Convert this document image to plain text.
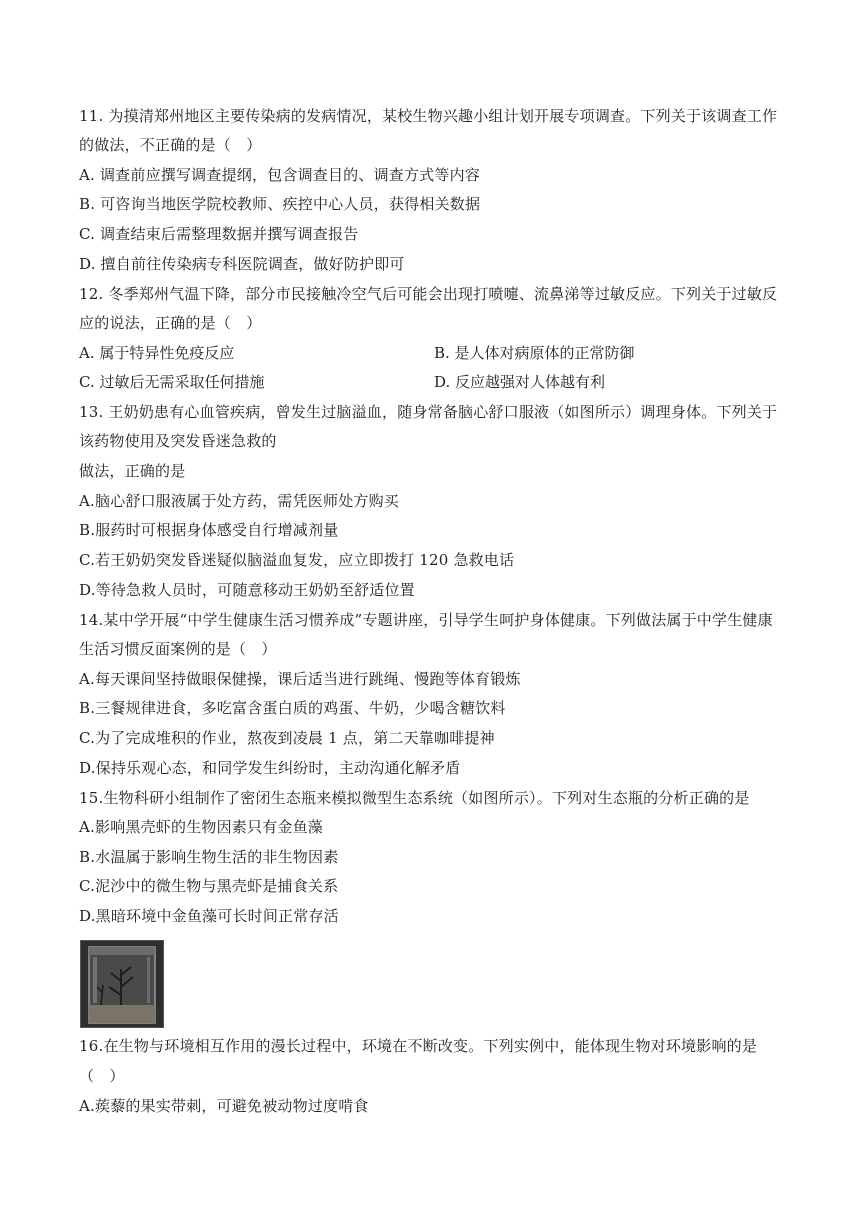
11. 为摸清郑州地区主要传染病的发病情况，某校生物兴趣小组计划开展专项调查。下列关于该调查工作
的做法，不正确的是（　）
A. 调查前应撰写调查提纲，包含调查目的、调查方式等内容
B. 可咨询当地医学院校教师、疾控中心人员，获得相关数据
C. 调查结束后需整理数据并撰写调查报告
D. 擅自前往传染病专科医院调查，做好防护即可
12. 冬季郑州气温下降，部分市民接触冷空气后可能会出现打喷嚏、流鼻涕等过敏反应。下列关于过敏反
应的说法，正确的是（　）
A. 属于特异性免疫反应	B. 是人体对病原体的正常防御
C. 过敏后无需采取任何措施	D. 反应越强对人体越有利
13. 王奶奶患有心血管疾病，曾发生过脑溢血，随身常备脑心舒口服液（如图所示）调理身体。下列关于
该药物使用及突发昏迷急救的
做法，正确的是
A.脑心舒口服液属于处方药，需凭医师处方购买
B.服药时可根据身体感受自行增减剂量
C.若王奶奶突发昏迷疑似脑溢血复发，应立即拨打 120 急救电话
D.等待急救人员时，可随意移动王奶奶至舒适位置
14.某中学开展“中学生健康生活习惯养成”专题讲座，引导学生呵护身体健康。下列做法属于中学生健康
生活习惯反面案例的是（　）
A.每天课间坚持做眼保健操，课后适当进行跳绳、慢跑等体育锻炼
B.三餐规律进食，多吃富含蛋白质的鸡蛋、牛奶，少喝含糖饮料
C.为了完成堆积的作业，熬夜到凌晨 1 点，第二天靠咖啡提神
D.保持乐观心态，和同学发生纠纷时，主动沟通化解矛盾
15.生物科研小组制作了密闭生态瓶来模拟微型生态系统（如图所示）。下列对生态瓶的分析正确的是
A.影响黑壳虾的生物因素只有金鱼藻
B.水温属于影响生物生活的非生物因素
C.泥沙中的微生物与黑壳虾是捕食关系
D.黑暗环境中金鱼藻可长时间正常存活
16.在生物与环境相互作用的漫长过程中，环境在不断改变。下列实例中，能体现生物对环境影响的是
（　）
A.蒺藜的果实带刺，可避免被动物过度啃食
